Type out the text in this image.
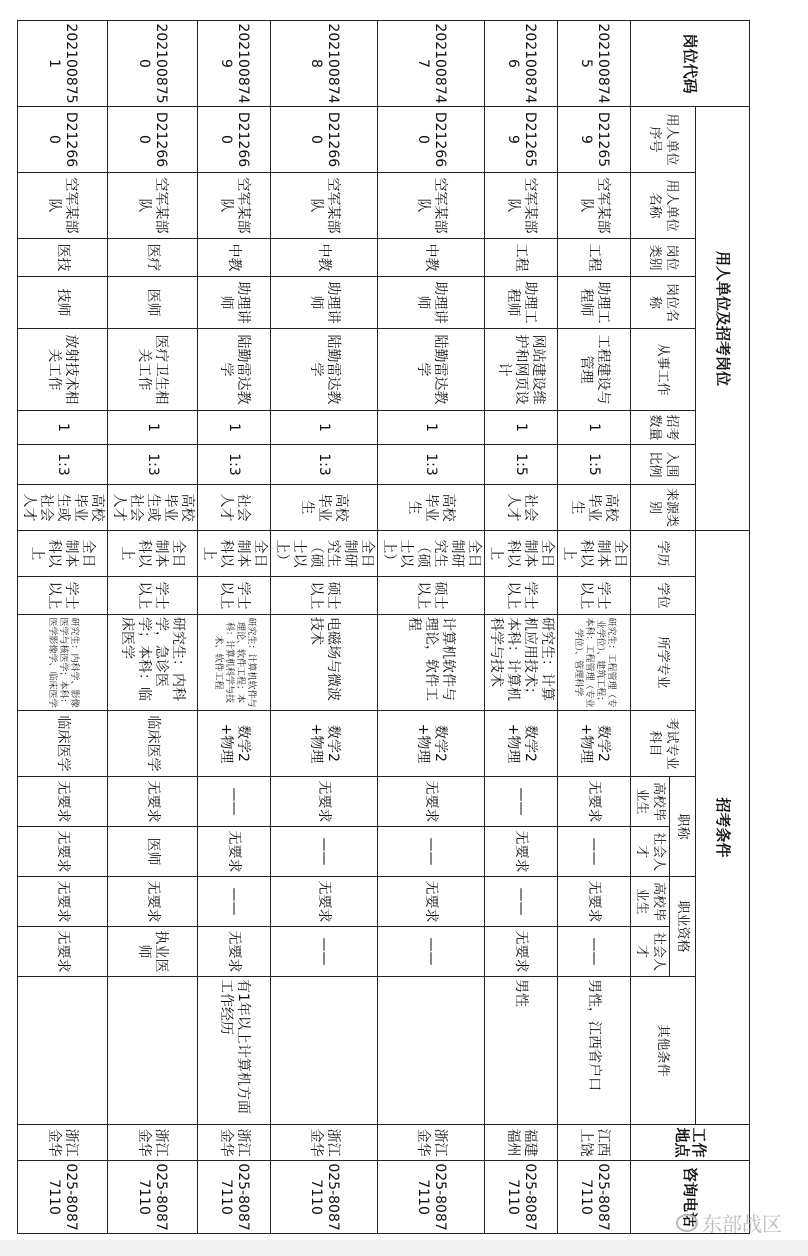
岗位代码	用人单位及招考岗位								招考条件									工作地点	咨询电话
	用人单位序号	用人单位名称	岗位类别	岗位名称	从事工作	招考数量	入围比例	来源类别	学历	学位	所学专业	考试专业科目	职称		职业资格		其他条件		
													高校毕业生	社会人才	高校毕业生	社会人才			
2021008745	D212659	空军某部队	工程	助理工程师	工程建设与管理	1	1:5	高校毕业生	全日制本科以上	学士以上	研究生：工程管理（专业学位）、建筑工程；本科：工程管理（专业学位）、管理科学	数学2+物理	无要求	——	无要求	——	男性，江西省户口	江西上饶	025-80877110
2021008746	D212659	空军某部队	工程	助理工程师	网站建设维护和网页设计	1	1:5	社会人才	全日制本科以上	学士以上	研究生：计算机应用技术；本科：计算机科学与技术	数学2+物理	——	无要求	——	无要求	男性	福建福州	025-80877110
2021008747	D212660	空军某部队	中教	助理讲师	陆勤雷达教学	1	1:3	高校毕业生	全日制研究生（硕士以上）	硕士以上	计算机软件与理论，软件工程	数学2+物理	无要求	——	无要求	——		浙江金华	025-80877110
2021008748	D212660	空军某部队	中教	助理讲师	陆勤雷达教学	1	1:3	高校毕业生	全日制研究生（硕士以上）	硕士以上	电磁场与微波技术	数学2+物理	无要求	——	无要求	——		浙江金华	025-80877110
2021008749	D212660	空军某部队	中教	助理讲师	陆勤雷达教学	1	1:3	社会人才	全日制本科以上	学士以上	研究生：计算机软件与理论、软件工程；本科：计算机科学与技术、软件工程	数学2+物理	——	无要求	——	无要求	有1年以上计算机方面工作经历	浙江金华	025-80877110
2021008750	D212660	空军某部队	医疗	医师	医疗卫生相关工作	1	1:3	高校毕业生或社会人才	全日制本科以上	学士以上	研究生：内科学，急诊医学；本科：临床医学	临床医学	无要求	医师	无要求	执业医师		浙江金华	025-80877110
2021008751	D212660	空军某部队	医技	技师	放射技术相关工作	1	1:3	高校毕业生或社会人才	全日制本科以上	学士以上	研究生：内科学、影像医学与核医学；本科：医学影像学、临床医学	临床医学	无要求	无要求	无要求	无要求		浙江金华	025-80877110
东部战区
